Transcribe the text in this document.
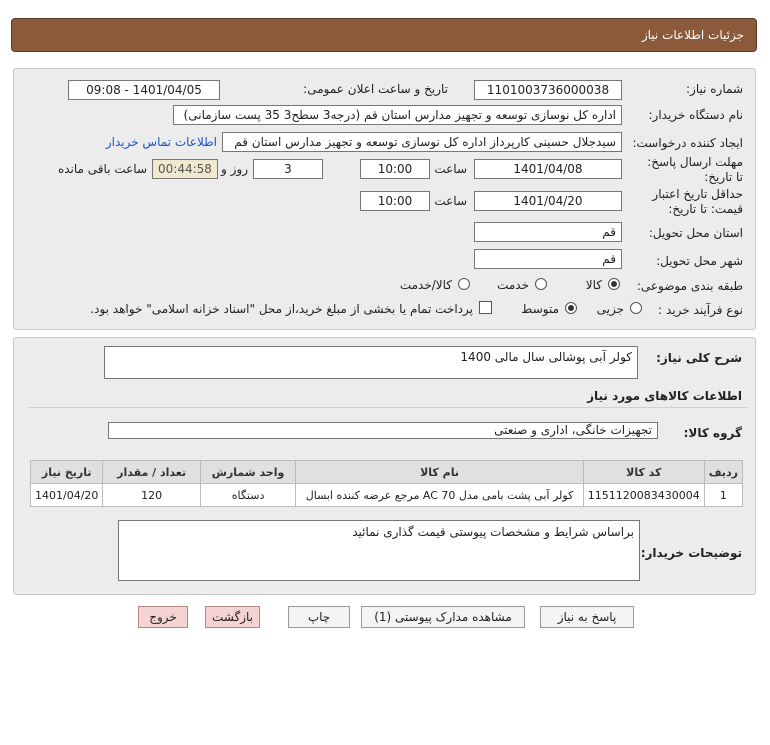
جزئیات اطلاعات نیاز
شماره نیاز:
1101003736000038
تاریخ و ساعت اعلان عمومی:
1401/04/05 - 09:08
نام دستگاه خریدار:
اداره کل نوسازی توسعه و تجهیز مدارس استان قم (درجه3 سطح3 35 پست سازمانی)
ایجاد کننده درخواست:
سیدجلال حسینی کارپرداز اداره کل نوسازی توسعه و تجهیز مدارس استان قم
اطلاعات تماس خریدار
مهلت ارسال پاسخ: تا تاریخ:
1401/04/08
ساعت
10:00
3
روز و
00:44:58
ساعت باقی مانده
حداقل تاریخ اعتبار قیمت: تا تاریخ:
1401/04/20
ساعت
10:00
استان محل تحویل:
قم
شهر محل تحویل:
قم
طبقه بندی موضوعی:
کالا
خدمت
کالا/خدمت
نوع فرآیند خرید :
جزیی
متوسط
پرداخت تمام یا بخشی از مبلغ خرید،از محل "اسناد خزانه اسلامی" خواهد بود.
شرح کلی نیاز:
کولر آبی پوشالی سال مالی 1400
اطلاعات کالاهای مورد نیاز
گروه کالا:
تجهیزات خانگی، اداری و صنعتی
ردیف	کد کالا	نام کالا	واحد شمارش	تعداد / مقدار	تاریخ نیاز
1	1151120083430004	کولر آبی پشت بامی مدل AC 70 مرجع عرضه کننده ابسال	دستگاه	120	1401/04/20
توضیحات خریدار:
براساس شرایط و مشخصات پیوستی قیمت گذاری نمائید
پاسخ به نیاز
مشاهده مدارک پیوستی (1)
چاپ
بازگشت
خروج
